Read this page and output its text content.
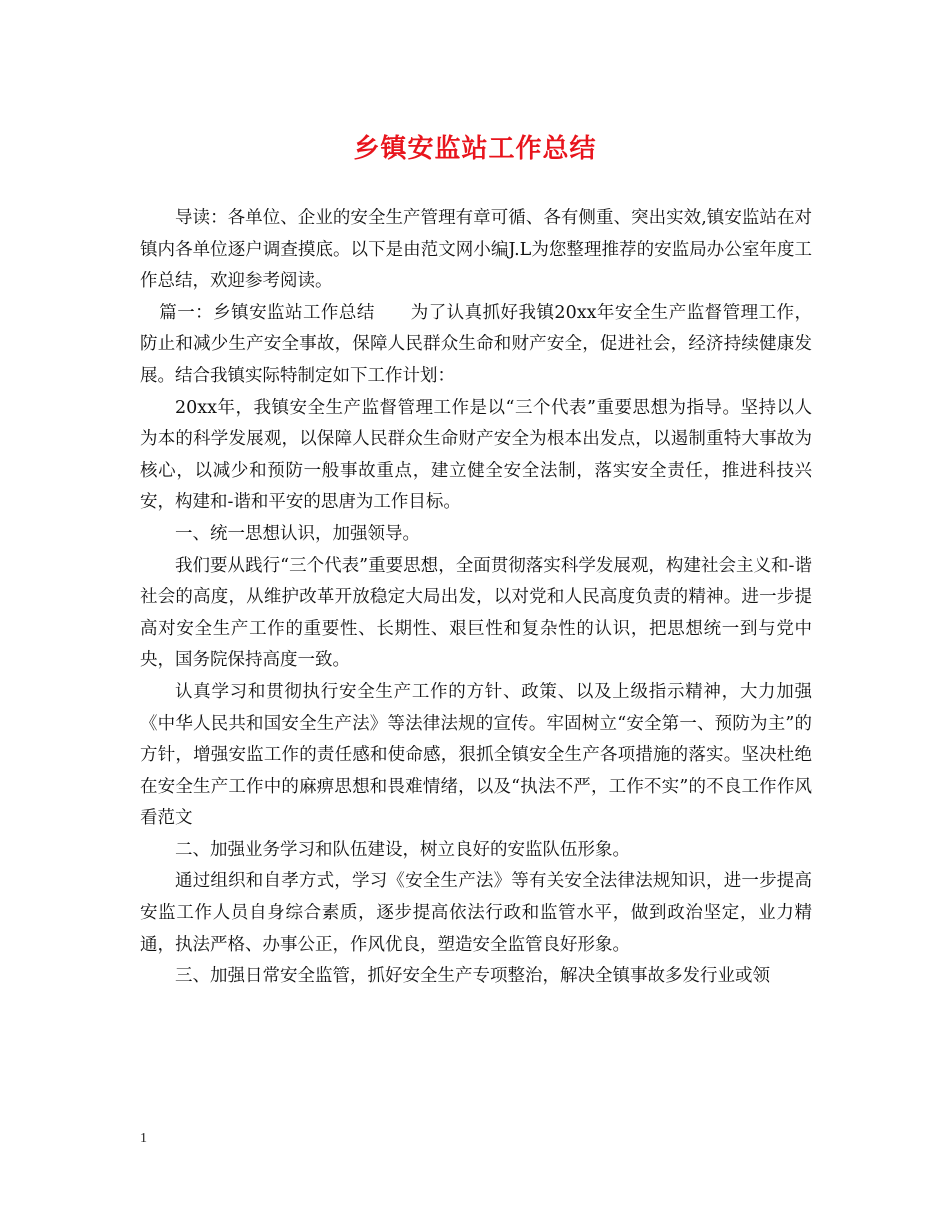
乡镇安监站工作总结

导读：各单位、企业的安全生产管理有章可循、各有侧重、突出实效,镇安监站在对镇内各单位逐户调查摸底。以下是由范文网小编J.L为您整理推荐的安监局办公室年度工作总结，欢迎参考阅读。

篇一：乡镇安监站工作总结　　为了认真抓好我镇20xx年安全生产监督管理工作，防止和减少生产安全事故，保障人民群众生命和财产安全，促进社会，经济持续健康发展。结合我镇实际特制定如下工作计划：

20xx年，我镇安全生产监督管理工作是以“三个代表”重要思想为指导。坚持以人为本的科学发展观，以保障人民群众生命财产安全为根本出发点，以遏制重特大事故为核心，以减少和预防一般事故重点，建立健全安全法制，落实安全责任，推进科技兴安，构建和-谐和平安的思唐为工作目标。

一、统一思想认识，加强领导。

我们要从践行“三个代表”重要思想，全面贯彻落实科学发展观，构建社会主义和-谐社会的高度，从维护改革开放稳定大局出发，以对党和人民高度负责的精神。进一步提高对安全生产工作的重要性、长期性、艰巨性和复杂性的认识，把思想统一到与党中央，国务院保持高度一致。

认真学习和贯彻执行安全生产工作的方针、政策、以及上级指示精神，大力加强《中华人民共和国安全生产法》等法律法规的宣传。牢固树立“安全第一、预防为主”的方针，增强安监工作的责任感和使命感，狠抓全镇安全生产各项措施的落实。坚决杜绝在安全生产工作中的麻痹思想和畏难情绪，以及“执法不严，工作不实”的不良工作作风看范文

二、加强业务学习和队伍建设，树立良好的安监队伍形象。

通过组织和自孝方式，学习《安全生产法》等有关安全法律法规知识，进一步提高安监工作人员自身综合素质，逐步提高依法行政和监管水平，做到政治坚定，业力精通，执法严格、办事公正，作风优良，塑造安全监管良好形象。

三、加强日常安全监管，抓好安全生产专项整治，解决全镇事故多发行业或领

1
